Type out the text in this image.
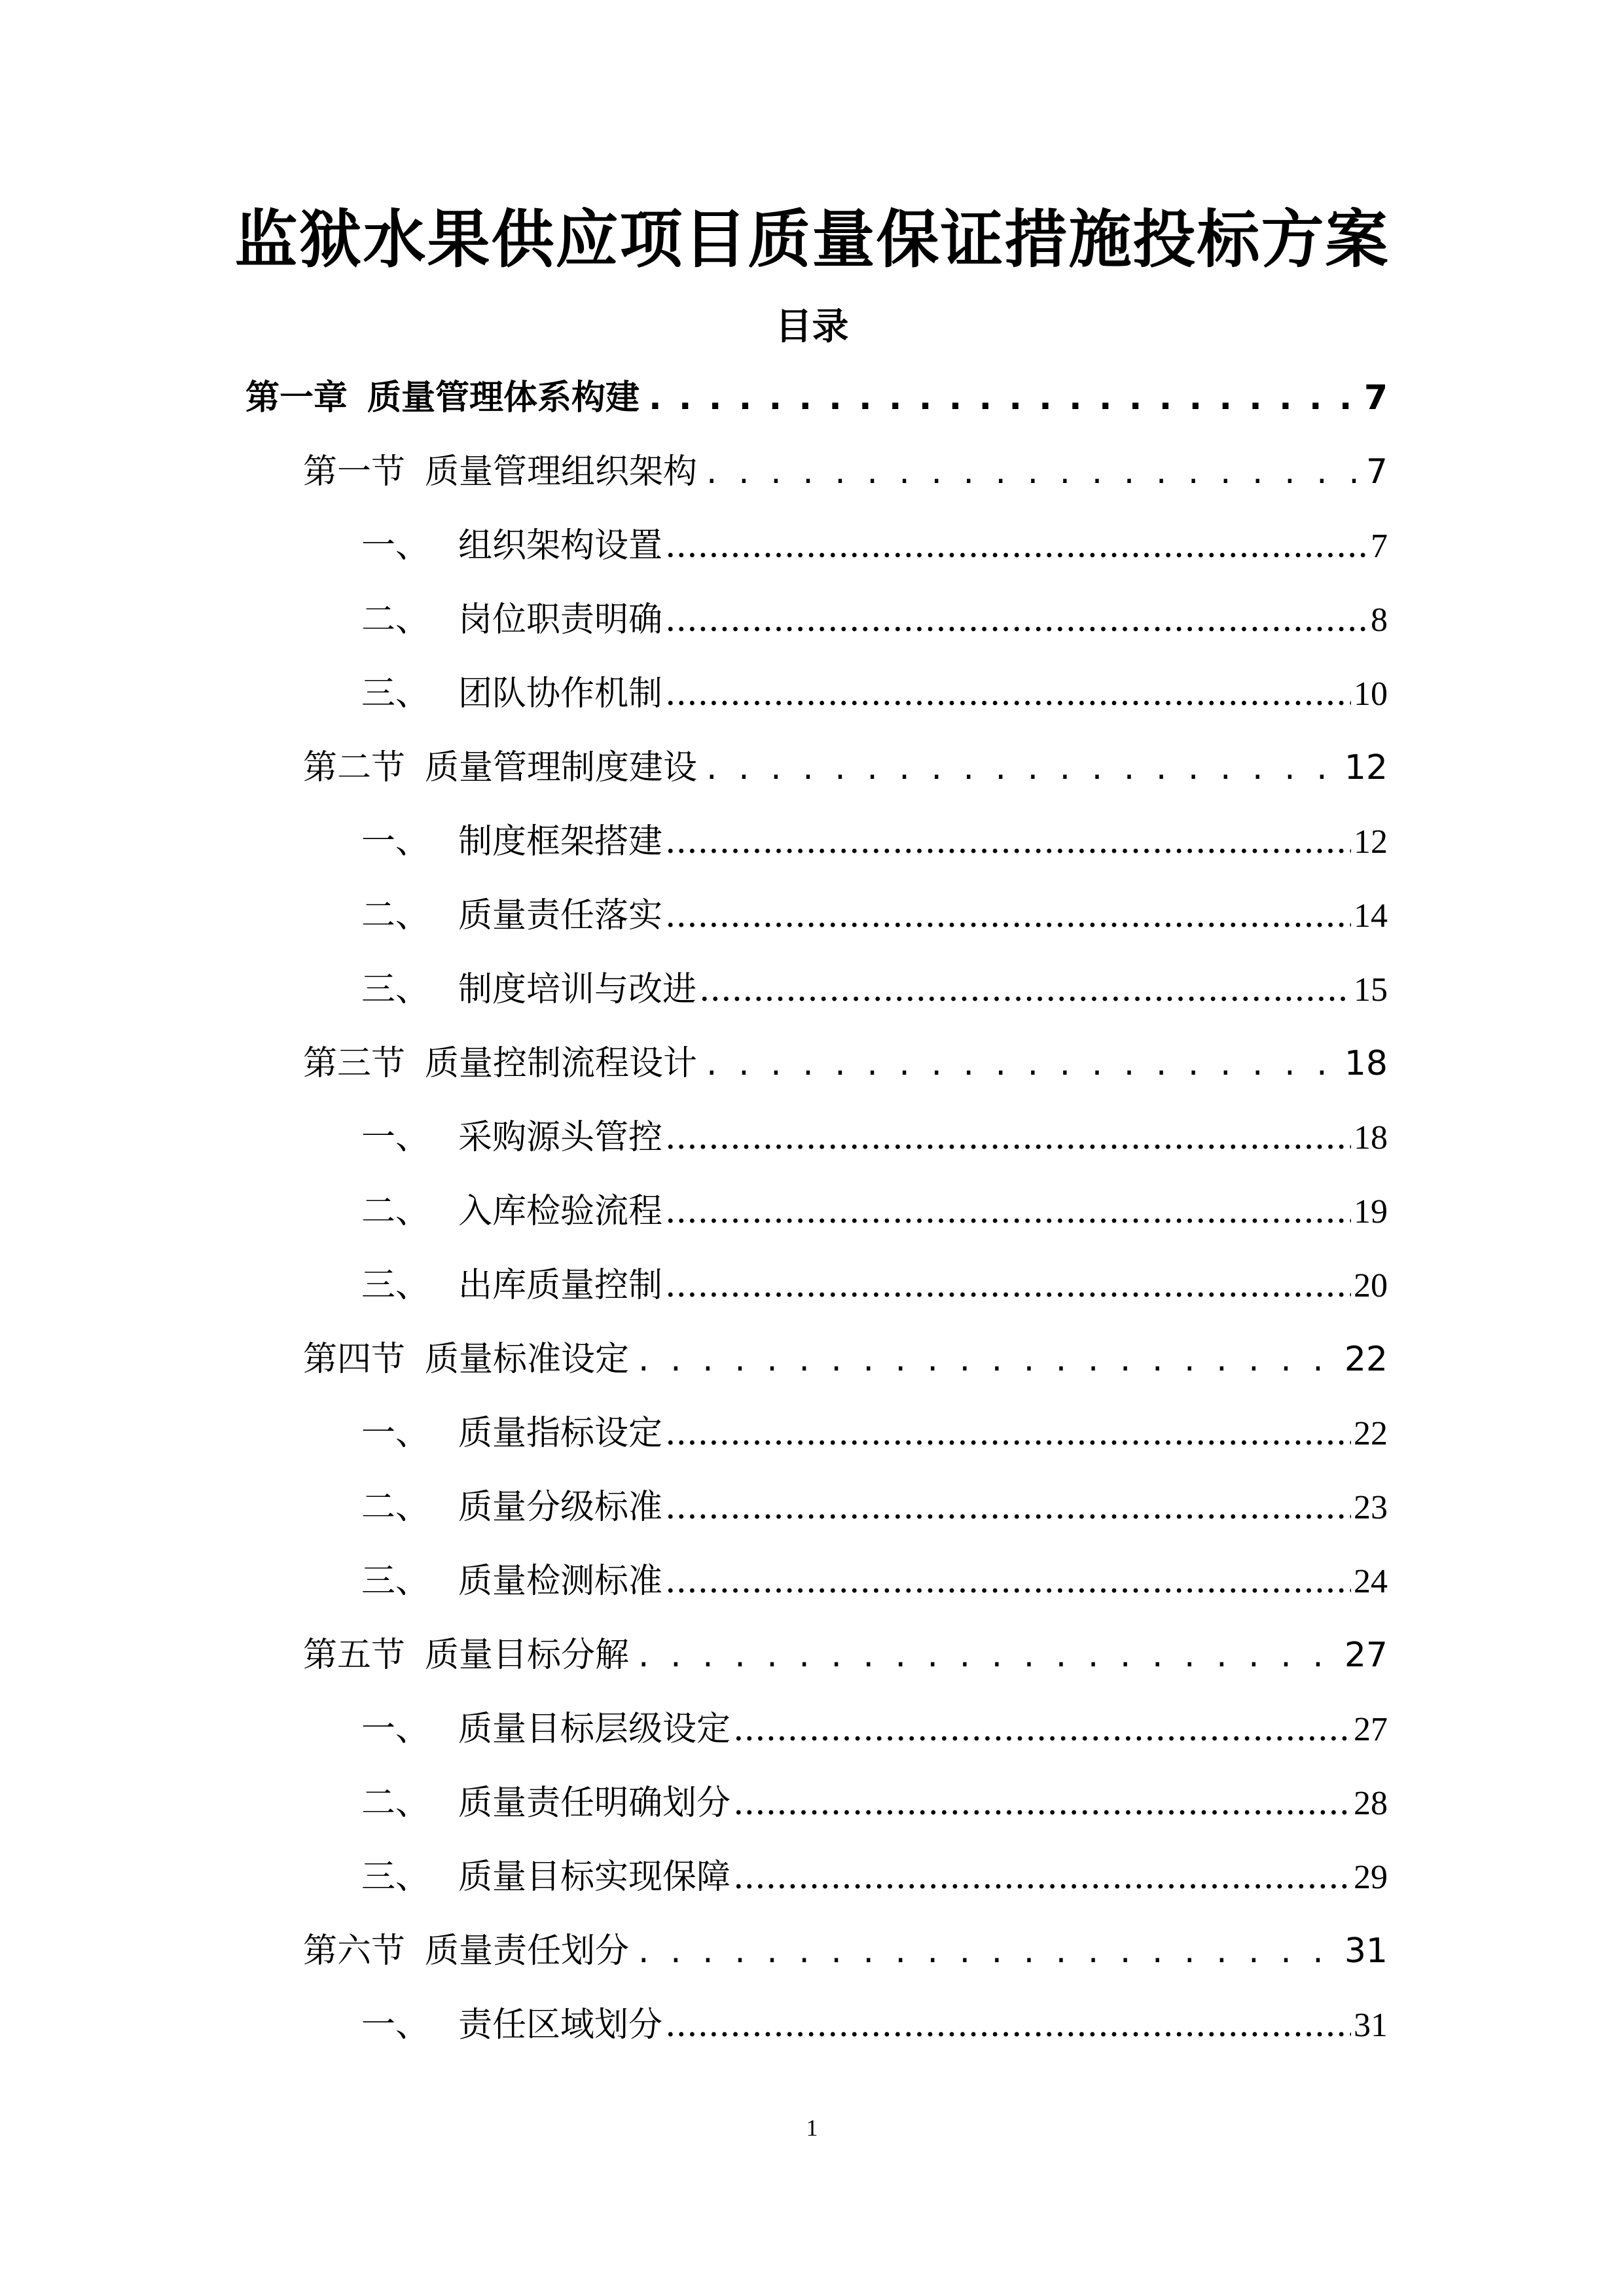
监狱水果供应项目质量保证措施投标方案
目录
第一章 质量管理体系构建 . . .	7
第一节 质量管理组织架构 . . .	7
一、 组织架构设置 .....	7
二、 岗位职责明确 .....	8
三、 团队协作机制 .....	10
第二节 质量管理制度建设 . . .	12
一、 制度框架搭建 .....	12
二、 质量责任落实 .....	14
三、 制度培训与改进 .....	15
第三节 质量控制流程设计 . . .	18
一、 采购源头管控 .....	18
二、 入库检验流程 .....	19
三、 出库质量控制 .....	20
第四节 质量标准设定 . . .	22
一、 质量指标设定 .....	22
二、 质量分级标准 .....	23
三、 质量检测标准 .....	24
第五节 质量目标分解 . . .	27
一、 质量目标层级设定 .....	27
二、 质量责任明确划分 .....	28
三、 质量目标实现保障 .....	29
第六节 质量责任划分 . . .	31
一、 责任区域划分 .....	31
1
